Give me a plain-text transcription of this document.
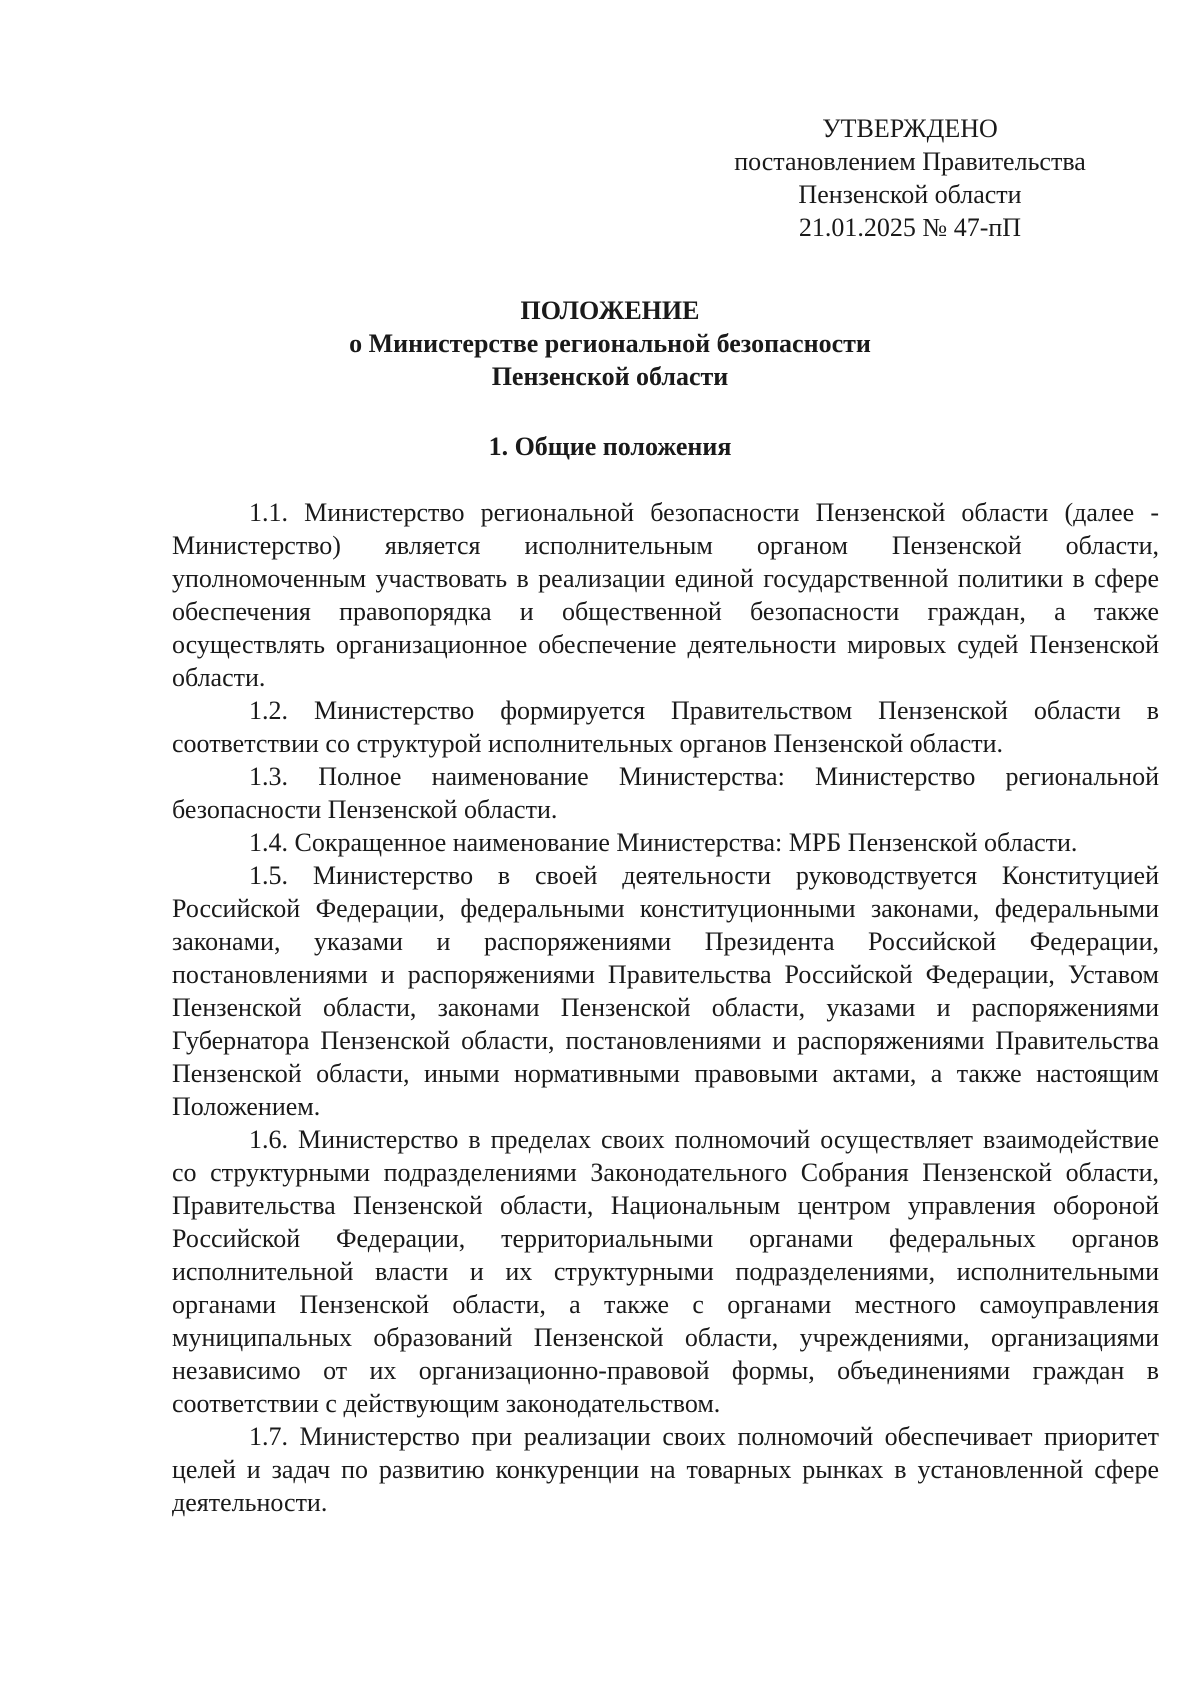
УТВЕРЖДЕНО
постановлением Правительства
Пензенской области
21.01.2025 № 47-пП
ПОЛОЖЕНИЕ
о Министерстве региональной безопасности
Пензенской области
1. Общие положения

1.1. Министерство региональной безопасности Пензенской области (далее - Министерство) является исполнительным органом Пензенской области, уполномоченным участвовать в реализации единой государственной политики в сфере обеспечения правопорядка и общественной безопасности граждан, а также осуществлять организационное обеспечение деятельности мировых судей Пензенской области.

1.2. Министерство формируется Правительством Пензенской области в соответствии со структурой исполнительных органов Пензенской области.

1.3. Полное наименование Министерства: Министерство региональной безопасности Пензенской области.

1.4. Сокращенное наименование Министерства: МРБ Пензенской области.

1.5. Министерство в своей деятельности руководствуется Конституцией Российской Федерации, федеральными конституционными законами, федеральными законами, указами и распоряжениями Президента Российской Федерации, постановлениями и распоряжениями Правительства Российской Федерации, Уставом Пензенской области, законами Пензенской области, указами и распоряжениями Губернатора Пензенской области, постановлениями и распоряжениями Правительства Пензенской области, иными нормативными правовыми актами, а также настоящим Положением.

1.6. Министерство в пределах своих полномочий осуществляет взаимодействие со структурными подразделениями Законодательного Собрания Пензенской области, Правительства Пензенской области, Национальным центром управления обороной Российской Федерации, территориальными органами федеральных органов исполнительной власти и их структурными подразделениями, исполнительными органами Пензенской области, а также с органами местного самоуправления муниципальных образований Пензенской области, учреждениями, организациями независимо от их организационно-правовой формы, объединениями граждан в соответствии с действующим законодательством.

1.7. Министерство при реализации своих полномочий обеспечивает приоритет целей и задач по развитию конкуренции на товарных рынках в установленной сфере деятельности.
